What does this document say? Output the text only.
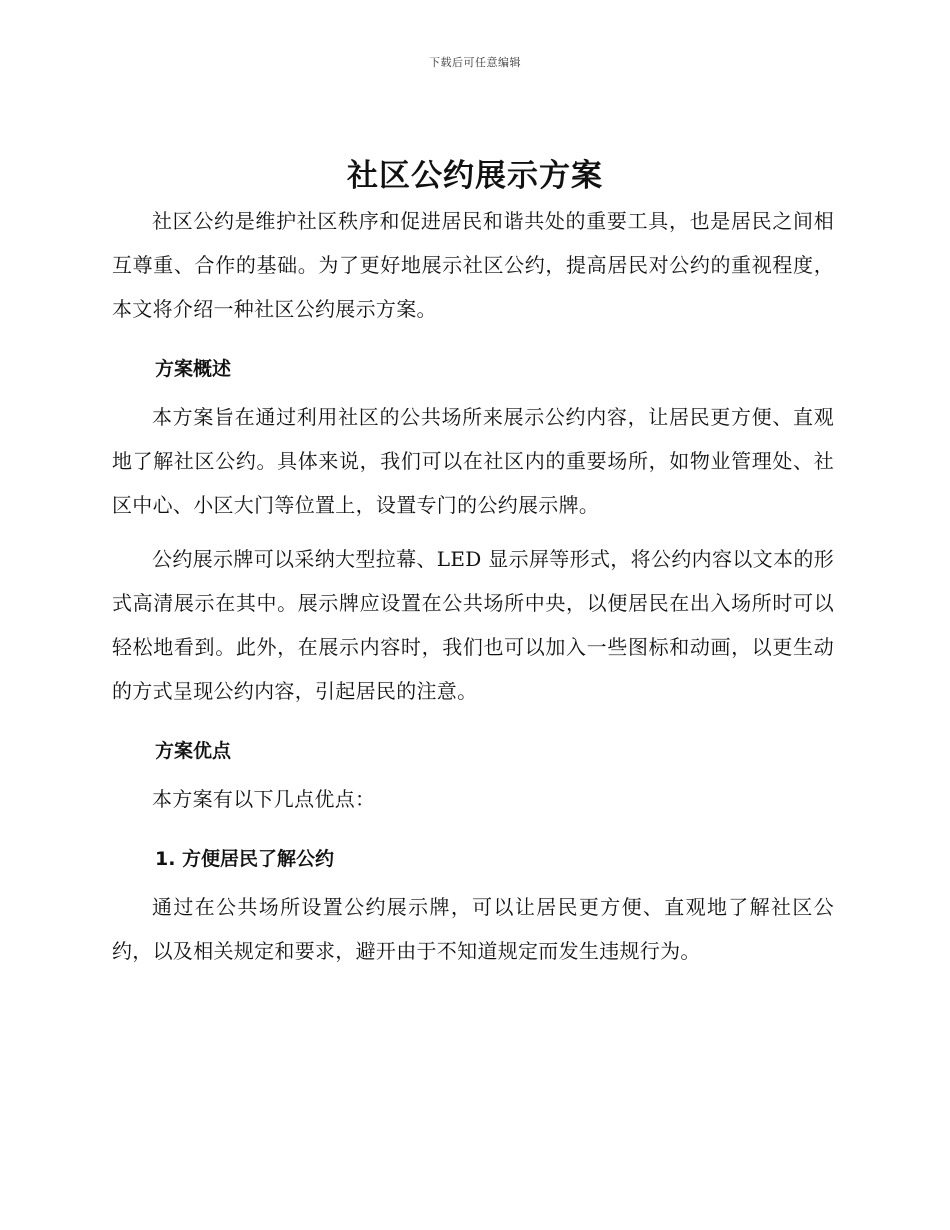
下载后可任意编辑
社区公约展示方案

社区公约是维护社区秩序和促进居民和谐共处的重要工具，也是居民之间相互尊重、合作的基础。为了更好地展示社区公约，提高居民对公约的重视程度，本文将介绍一种社区公约展示方案。

方案概述

本方案旨在通过利用社区的公共场所来展示公约内容，让居民更方便、直观地了解社区公约。具体来说，我们可以在社区内的重要场所，如物业管理处、社区中心、小区大门等位置上，设置专门的公约展示牌。

公约展示牌可以采纳大型拉幕、LED 显示屏等形式，将公约内容以文本的形式高清展示在其中。展示牌应设置在公共场所中央，以便居民在出入场所时可以轻松地看到。此外，在展示内容时，我们也可以加入一些图标和动画，以更生动的方式呈现公约内容，引起居民的注意。

方案优点

本方案有以下几点优点：

1. 方便居民了解公约

通过在公共场所设置公约展示牌，可以让居民更方便、直观地了解社区公约，以及相关规定和要求，避开由于不知道规定而发生违规行为。
